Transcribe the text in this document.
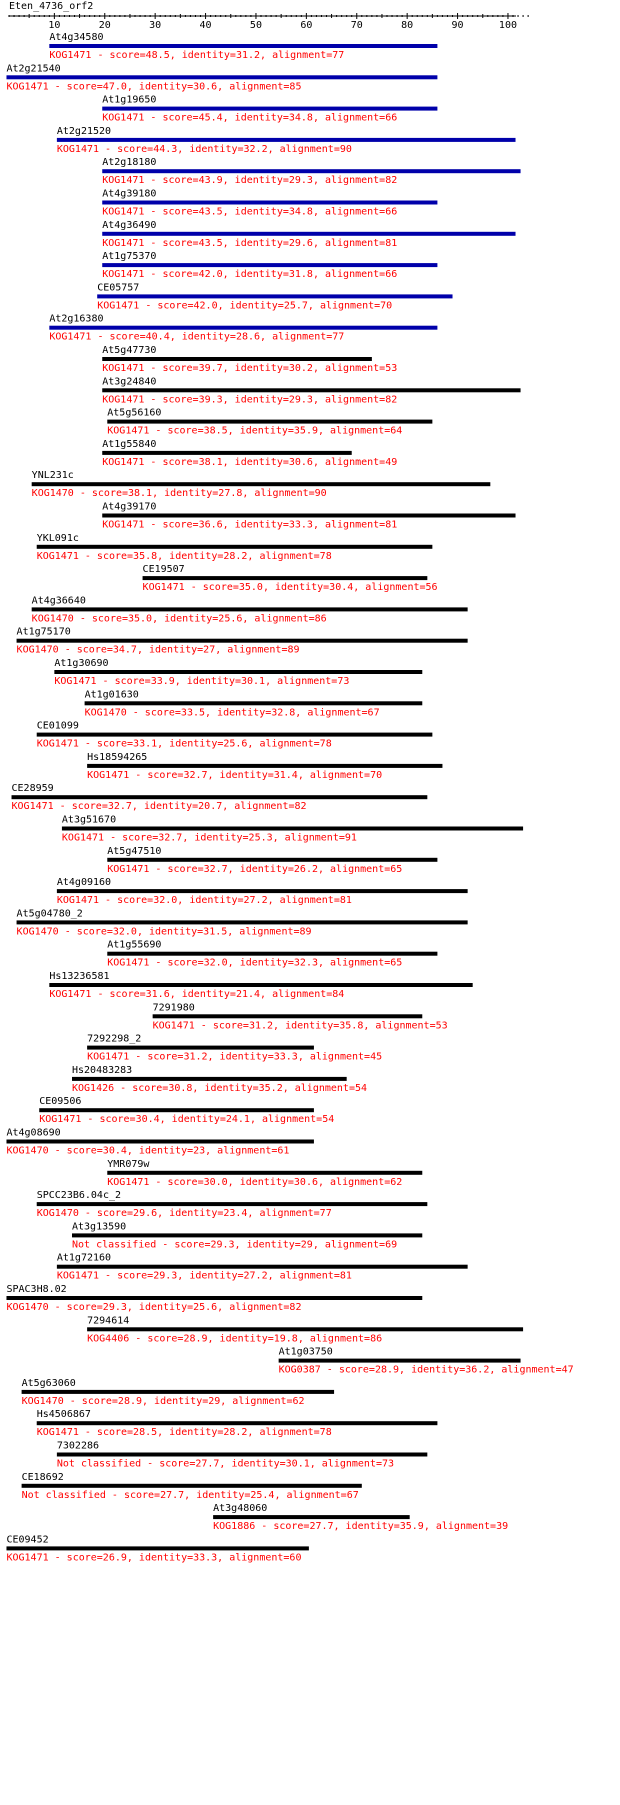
Eten_4736_orf2
10	20	30	40	50	60	70	80	90	100
At4g34580
KOG1471 - score=48.5, identity=31.2, alignment=77
At2g21540
KOG1471 - score=47.0, identity=30.6, alignment=85
At1g19650
KOG1471 - score=45.4, identity=34.8, alignment=66
At2g21520
KOG1471 - score=44.3, identity=32.2, alignment=90
At2g18180
KOG1471 - score=43.9, identity=29.3, alignment=82
At4g39180
KOG1471 - score=43.5, identity=34.8, alignment=66
At4g36490
KOG1471 - score=43.5, identity=29.6, alignment=81
At1g75370
KOG1471 - score=42.0, identity=31.8, alignment=66
CE05757
KOG1471 - score=42.0, identity=25.7, alignment=70
At2g16380
KOG1471 - score=40.4, identity=28.6, alignment=77
At5g47730
KOG1471 - score=39.7, identity=30.2, alignment=53
At3g24840
KOG1471 - score=39.3, identity=29.3, alignment=82
At5g56160
KOG1471 - score=38.5, identity=35.9, alignment=64
At1g55840
KOG1471 - score=38.1, identity=30.6, alignment=49
YNL231c
KOG1470 - score=38.1, identity=27.8, alignment=90
At4g39170
KOG1471 - score=36.6, identity=33.3, alignment=81
YKL091c
KOG1471 - score=35.8, identity=28.2, alignment=78
CE19507
KOG1471 - score=35.0, identity=30.4, alignment=56
At4g36640
KOG1470 - score=35.0, identity=25.6, alignment=86
At1g75170
KOG1470 - score=34.7, identity=27, alignment=89
At1g30690
KOG1471 - score=33.9, identity=30.1, alignment=73
At1g01630
KOG1470 - score=33.5, identity=32.8, alignment=67
CE01099
KOG1471 - score=33.1, identity=25.6, alignment=78
Hs18594265
KOG1471 - score=32.7, identity=31.4, alignment=70
CE28959
KOG1471 - score=32.7, identity=20.7, alignment=82
At3g51670
KOG1471 - score=32.7, identity=25.3, alignment=91
At5g47510
KOG1471 - score=32.7, identity=26.2, alignment=65
At4g09160
KOG1471 - score=32.0, identity=27.2, alignment=81
At5g04780_2
KOG1470 - score=32.0, identity=31.5, alignment=89
At1g55690
KOG1471 - score=32.0, identity=32.3, alignment=65
Hs13236581
KOG1471 - score=31.6, identity=21.4, alignment=84
7291980
KOG1471 - score=31.2, identity=35.8, alignment=53
7292298_2
KOG1471 - score=31.2, identity=33.3, alignment=45
Hs20483283
KOG1426 - score=30.8, identity=35.2, alignment=54
CE09506
KOG1471 - score=30.4, identity=24.1, alignment=54
At4g08690
KOG1470 - score=30.4, identity=23, alignment=61
YMR079w
KOG1471 - score=30.0, identity=30.6, alignment=62
SPCC23B6.04c_2
KOG1470 - score=29.6, identity=23.4, alignment=77
At3g13590
Not classified - score=29.3, identity=29, alignment=69
At1g72160
KOG1471 - score=29.3, identity=27.2, alignment=81
SPAC3H8.02
KOG1470 - score=29.3, identity=25.6, alignment=82
7294614
KOG4406 - score=28.9, identity=19.8, alignment=86
At1g03750
KOG0387 - score=28.9, identity=36.2, alignment=47
At5g63060
KOG1470 - score=28.9, identity=29, alignment=62
Hs4506867
KOG1471 - score=28.5, identity=28.2, alignment=78
7302286
Not classified - score=27.7, identity=30.1, alignment=73
CE18692
Not classified - score=27.7, identity=25.4, alignment=67
At3g48060
KOG1886 - score=27.7, identity=35.9, alignment=39
CE09452
KOG1471 - score=26.9, identity=33.3, alignment=60
